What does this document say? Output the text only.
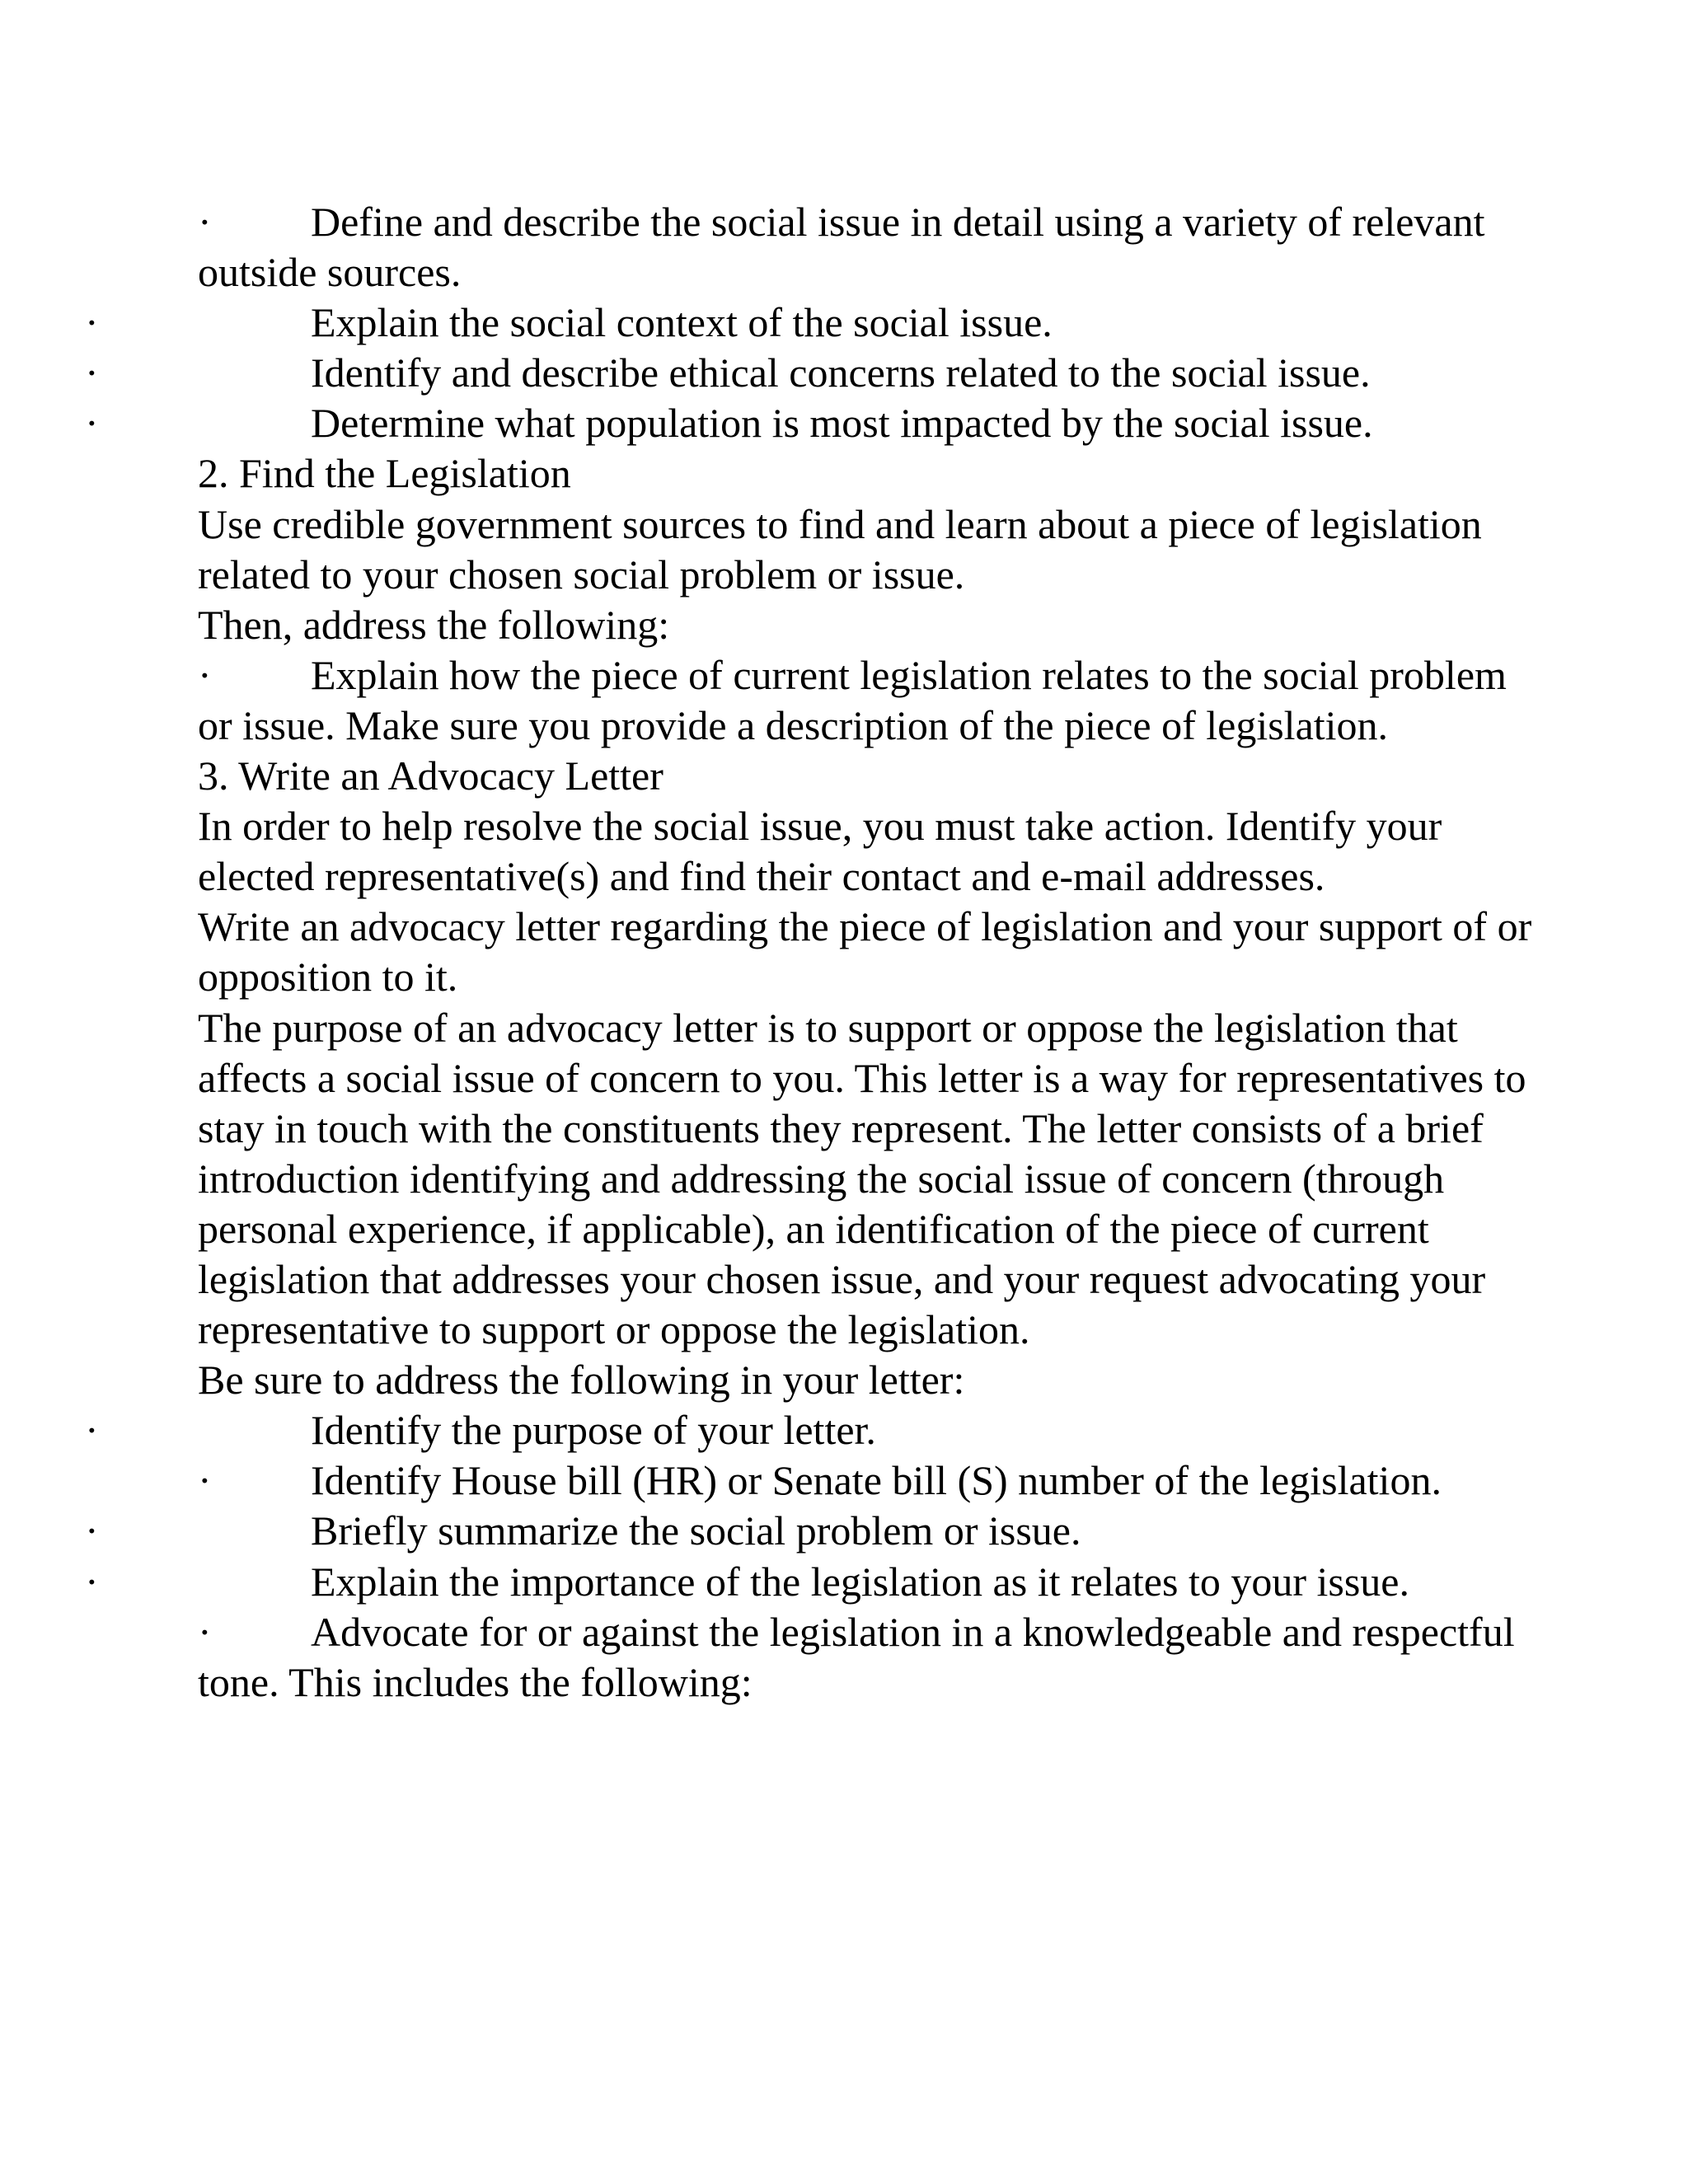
· Define and describe the social issue in detail using a variety of relevant outside sources.

·	Explain the social context of the social issue.

·	Identify and describe ethical concerns related to the social issue.

·	Determine what population is most impacted by the social issue.

2. Find the Legislation

Use credible government sources to find and learn about a piece of legislation related to your chosen social problem or issue.

Then, address the following:

· Explain how the piece of current legislation relates to the social problem or issue. Make sure you provide a description of the piece of legislation.

3. Write an Advocacy Letter

In order to help resolve the social issue, you must take action. Identify your elected representative(s) and find their contact and e-mail addresses.

Write an advocacy letter regarding the piece of legislation and your support of or opposition to it.

The purpose of an advocacy letter is to support or oppose the legislation that affects a social issue of concern to you. This letter is a way for representatives to stay in touch with the constituents they represent. The letter consists of a brief introduction identifying and addressing the social issue of concern (through personal experience, if applicable), an identification of the piece of current legislation that addresses your chosen issue, and your request advocating your representative to support or oppose the legislation.

Be sure to address the following in your letter:

·	Identify the purpose of your letter.

· Identify House bill (HR) or Senate bill (S) number of the legislation.

·	Briefly summarize the social problem or issue.

·	Explain the importance of the legislation as it relates to your issue.

· Advocate for or against the legislation in a knowledgeable and respectful tone. This includes the following:
